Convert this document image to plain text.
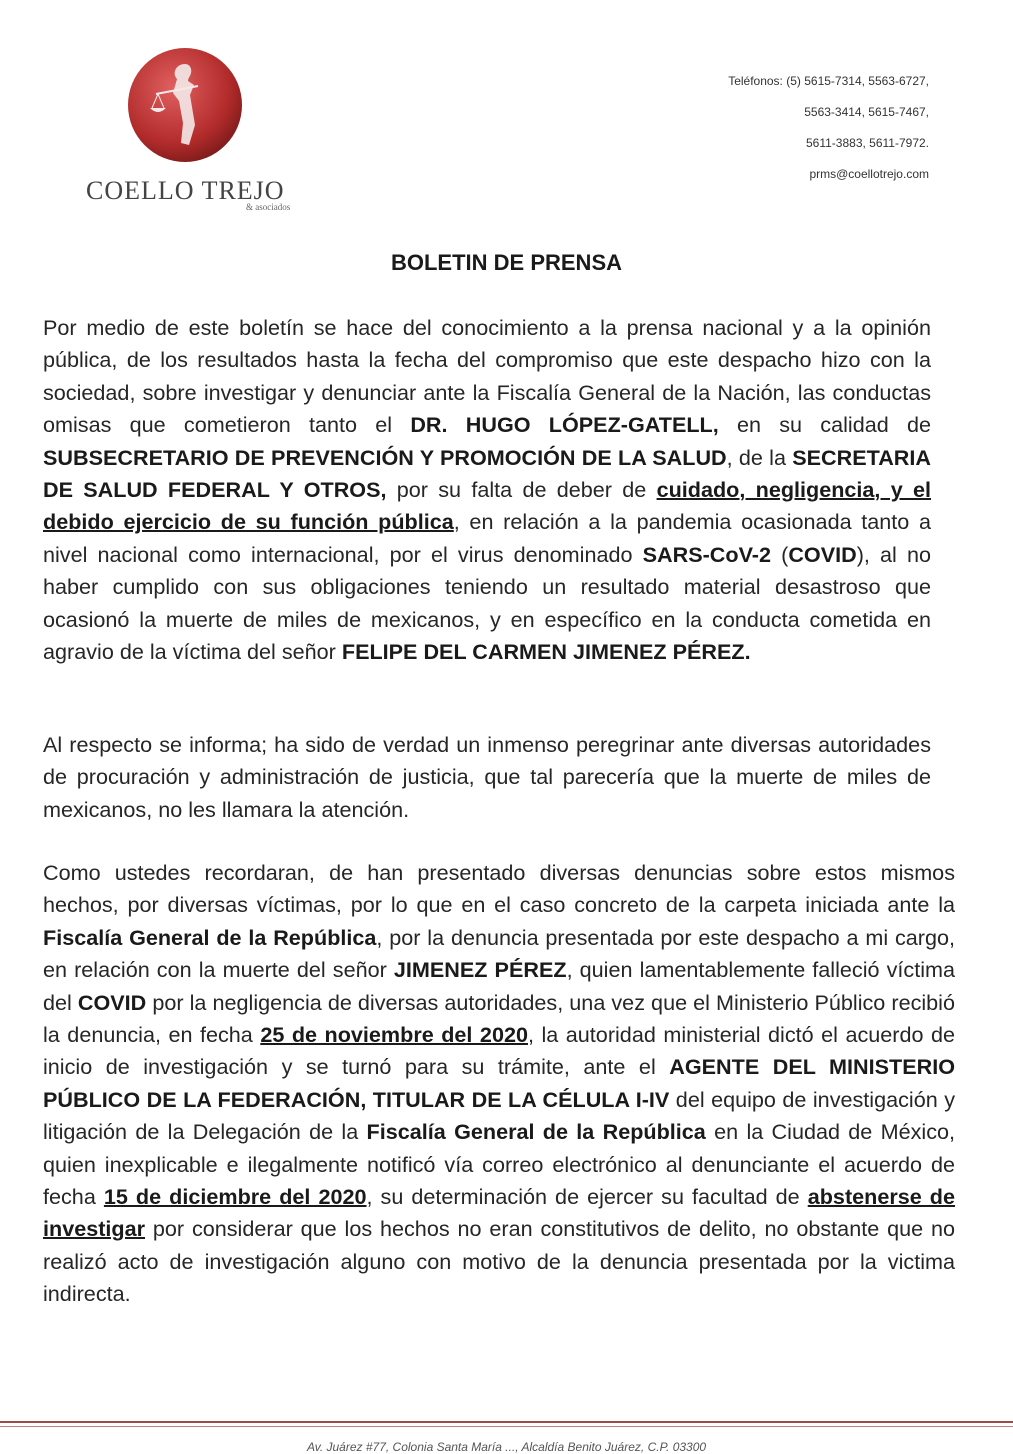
COELLO TREJO
& asociados
Teléfonos: (5) 5615-7314, 5563-6727,
5563-3414, 5615-7467,
5611-3883, 5611-7972.
prms@coellotrejo.com
BOLETIN DE PRENSA
Por medio de este boletín se hace del conocimiento a la prensa nacional y a la opinión pública, de los resultados hasta la fecha del compromiso que este despacho hizo con la sociedad, sobre investigar y denunciar ante la Fiscalía General de la Nación, las conductas omisas que cometieron tanto el DR. HUGO LÓPEZ-GATELL, en su calidad de SUBSECRETARIO DE PREVENCIÓN Y PROMOCIÓN DE LA SALUD, de la SECRETARIA DE SALUD FEDERAL Y OTROS, por su falta de deber de cuidado, negligencia, y el debido ejercicio de su función pública, en relación a la pandemia ocasionada tanto a nivel nacional como internacional, por el virus denominado SARS-CoV-2 (COVID), al no haber cumplido con sus obligaciones teniendo un resultado material desastroso que ocasionó la muerte de miles de mexicanos, y en específico en la conducta cometida en agravio de la víctima del señor FELIPE DEL CARMEN JIMENEZ PÉREZ.
Al respecto se informa; ha sido de verdad un inmenso peregrinar ante diversas autoridades de procuración y administración de justicia, que tal parecería que la muerte de miles de mexicanos, no les llamara la atención.
Como ustedes recordaran, de han presentado diversas denuncias sobre estos mismos hechos, por diversas víctimas, por lo que en el caso concreto de la carpeta iniciada ante la Fiscalía General de la República, por la denuncia presentada por este despacho a mi cargo, en relación con la muerte del señor JIMENEZ PÉREZ, quien lamentablemente falleció víctima del COVID por la negligencia de diversas autoridades, una vez que el Ministerio Público recibió la denuncia, en fecha 25 de noviembre del 2020, la autoridad ministerial dictó el acuerdo de inicio de investigación y se turnó para su trámite, ante el AGENTE DEL MINISTERIO PÚBLICO DE LA FEDERACIÓN, TITULAR DE LA CÉLULA I-IV del equipo de investigación y litigación de la Delegación de la Fiscalía General de la República en la Ciudad de México, quien inexplicable e ilegalmente notificó vía correo electrónico al denunciante el acuerdo de fecha 15 de diciembre del 2020, su determinación de ejercer su facultad de abstenerse de investigar por considerar que los hechos no eran constitutivos de delito, no obstante que no realizó acto de investigación alguno con motivo de la denuncia presentada por la victima indirecta.
Av. Juárez #77, Colonia Santa María ..., Alcaldía Benito Juárez, C.P. 03300
